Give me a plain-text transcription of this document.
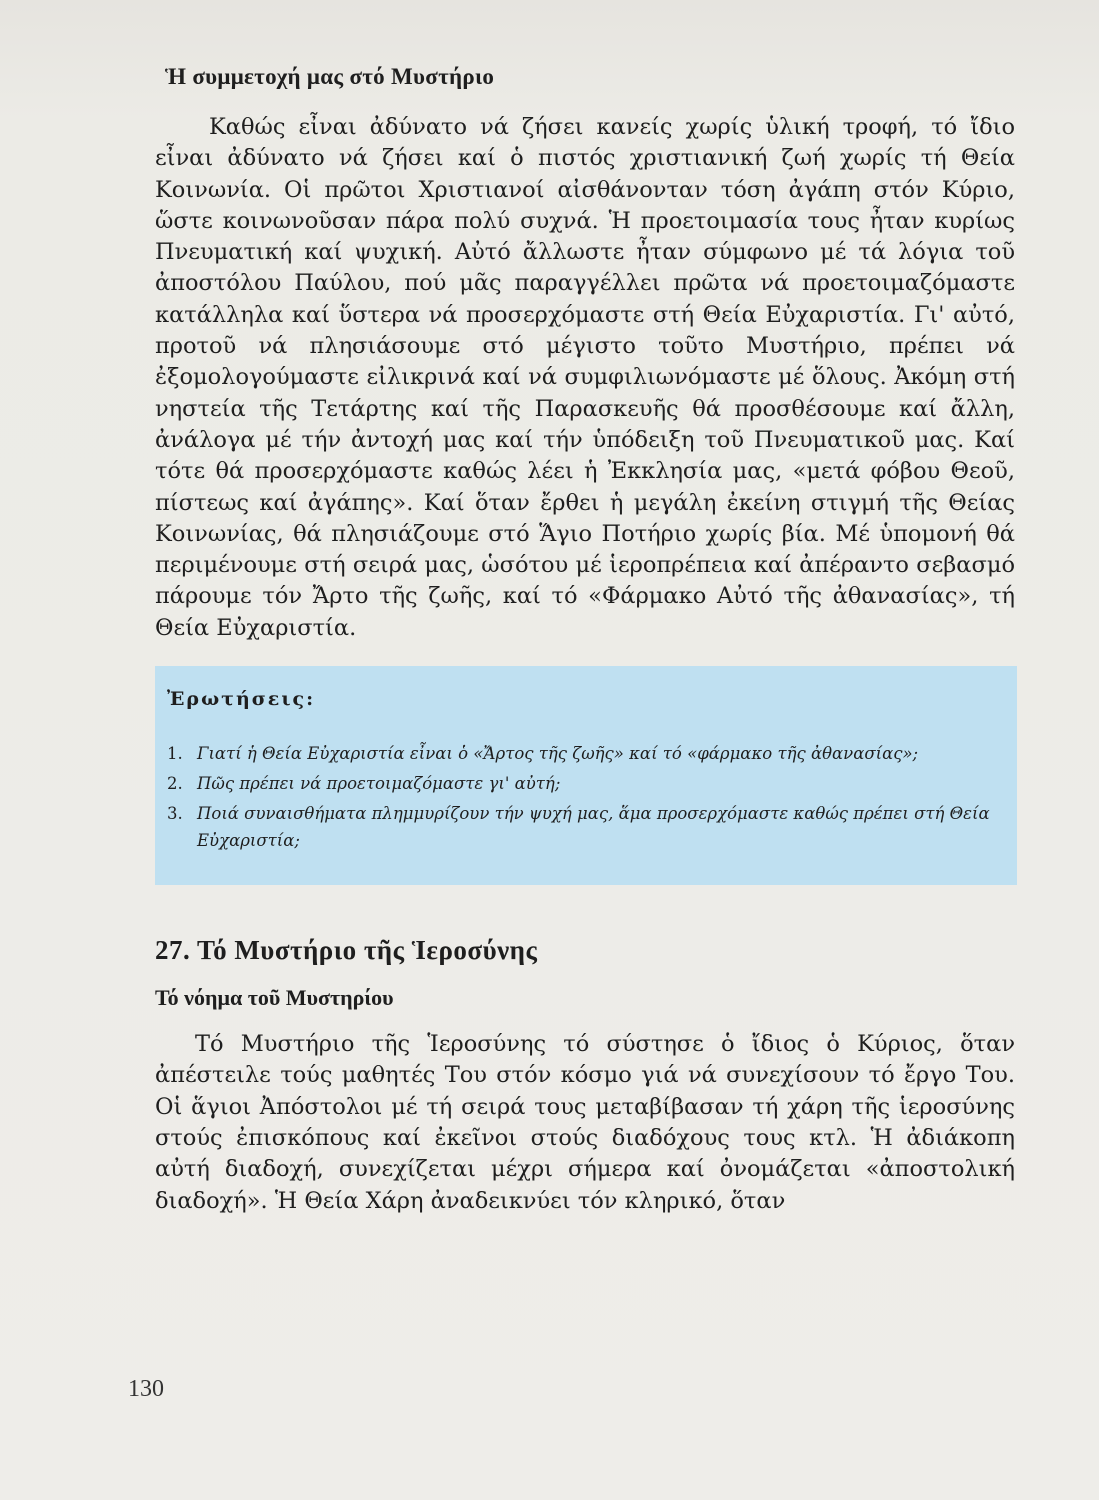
Ἡ συμμετοχή μας στό Μυστήριο

Καθώς εἶναι ἀδύνατο νά ζήσει κανείς χωρίς ὑλική τροφή, τό ἴδιο εἶναι ἀδύνατο νά ζήσει καί ὁ πιστός χριστιανική ζωή χωρίς τή Θεία Κοινωνία. Οἱ πρῶτοι Χριστιανοί αἰσθάνονταν τόση ἀγάπη στόν Κύριο, ὥστε κοινωνοῦσαν πάρα πολύ συχνά. Ἡ προετοιμασία τους ἦταν κυρίως Πνευματική καί ψυχική. Αὐτό ἄλλωστε ἦταν σύμφωνο μέ τά λόγια τοῦ ἀποστόλου Παύλου, πού μᾶς παραγγέλλει πρῶτα νά προετοιμαζόμαστε κατάλληλα καί ὕστερα νά προσερχόμαστε στή Θεία Εὐχαριστία. Γι' αὐτό, προτοῦ νά πλησιάσουμε στό μέγιστο τοῦτο Μυστήριο, πρέπει νά ἐξομολογούμαστε εἰλικρινά καί νά συμφιλιωνόμαστε μέ ὅλους. Ἀκόμη στή νηστεία τῆς Τετάρτης καί τῆς Παρασκευῆς θά προσθέσουμε καί ἄλλη, ἀνάλογα μέ τήν ἀντοχή μας καί τήν ὑπόδειξη τοῦ Πνευματικοῦ μας. Καί τότε θά προσερχόμαστε καθώς λέει ἡ Ἐκκλησία μας, «μετά φόβου Θεοῦ, πίστεως καί ἀγάπης». Καί ὅταν ἔρθει ἡ μεγάλη ἐκείνη στιγμή τῆς Θείας Κοινωνίας, θά πλησιάζουμε στό Ἅγιο Ποτήριο χωρίς βία. Μέ ὑπομονή θά περιμένουμε στή σειρά μας, ὡσότου μέ ἱεροπρέπεια καί ἀπέραντο σεβασμό πάρουμε τόν Ἄρτο τῆς ζωῆς, καί τό «Φάρμακο Αὐτό τῆς ἀθανασίας», τή Θεία Εὐχαριστία.

Ἐρωτήσεις:
1. Γιατί ἡ Θεία Εὐχαριστία εἶναι ὁ «Ἄρτος τῆς ζωῆς» καί τό «φάρμακο τῆς ἀθανασίας»;
2. Πῶς πρέπει νά προετοιμαζόμαστε γι' αὐτή;
3. Ποιά συναισθήματα πλημμυρίζουν τήν ψυχή μας, ἅμα προσερχόμαστε καθώς πρέπει στή Θεία Εὐχαριστία;
27. Τό Μυστήριο τῆς Ἱεροσύνης
Τό νόημα τοῦ Μυστηρίου

Τό Μυστήριο τῆς Ἱεροσύνης τό σύστησε ὁ ἴδιος ὁ Κύριος, ὅταν ἀπέστειλε τούς μαθητές Του στόν κόσμο γιά νά συνεχίσουν τό ἔργο Του. Οἱ ἅγιοι Ἀπόστολοι μέ τή σειρά τους μεταβίβασαν τή χάρη τῆς ἱεροσύνης στούς ἐπισκόπους καί ἐκεῖνοι στούς διαδόχους τους κτλ. Ἡ ἀδιάκοπη αὐτή διαδοχή, συνεχίζεται μέχρι σήμερα καί ὀνομάζεται «ἀποστολική διαδοχή». Ἡ Θεία Χάρη ἀναδεικνύει τόν κληρικό, ὅταν

130
